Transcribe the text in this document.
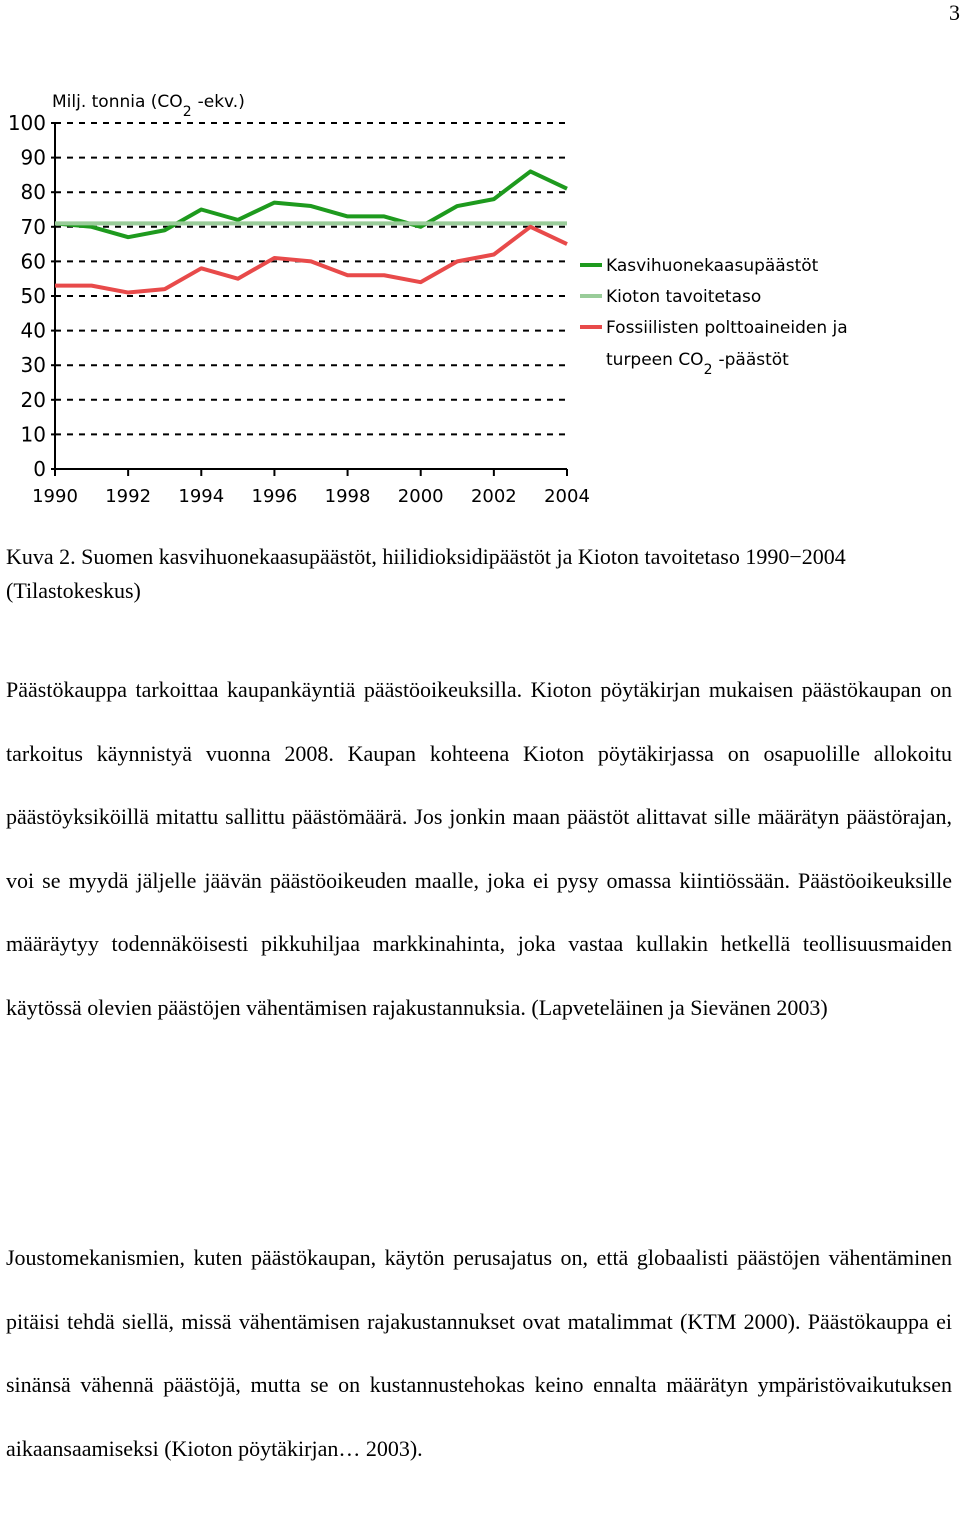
3
Milj. tonnia ($CO_2$ -ekv.)
0
10
20
30
40
50
60
70
80
90
100
1990 1992 1994 1996 1998 2000 2002 2004
Kasvihuonekaasupäästöt
Kioton tavoitetaso
Fossiilisten polttoaineiden ja turpeen $CO_2$ -päästöt
Kuva 2. Suomen kasvihuonekaasupäästöt, hiilidioksidipäästöt ja Kioton tavoitetaso 1990−2004 (Tilastokeskus)
Päästökauppa tarkoittaa kaupankäyntiä päästöoikeuksilla. Kioton pöytäkirjan mukaisen päästökaupan on tarkoitus käynnistyä vuonna 2008. Kaupan kohteena Kioton pöytäkirjassa on osapuolille allokoitu päästöyksiköillä mitattu sallittu päästömäärä. Jos jonkin maan päästöt alittavat sille määrätyn päästörajan, voi se myydä jäljelle jäävän päästöoikeuden maalle, joka ei pysy omassa kiintiössään. Päästöoikeuksille määräytyy todennäköisesti pikkuhiljaa markkinahinta, joka vastaa kullakin hetkellä teollisuusmaiden käytössä olevien päästöjen vähentämisen rajakustannuksia. (Lapveteläinen ja Sievänen 2003)
Joustomekanismien, kuten päästökaupan, käytön perusajatus on, että globaalisti päästöjen vähentäminen pitäisi tehdä siellä, missä vähentämisen rajakustannukset ovat matalimmat (KTM 2000). Päästökauppa ei sinänsä vähennä päästöjä, mutta se on kustannustehokas keino ennalta määrätyn ympäristövaikutuksen aikaansaamiseksi (Kioton pöytäkirjan… 2003).
